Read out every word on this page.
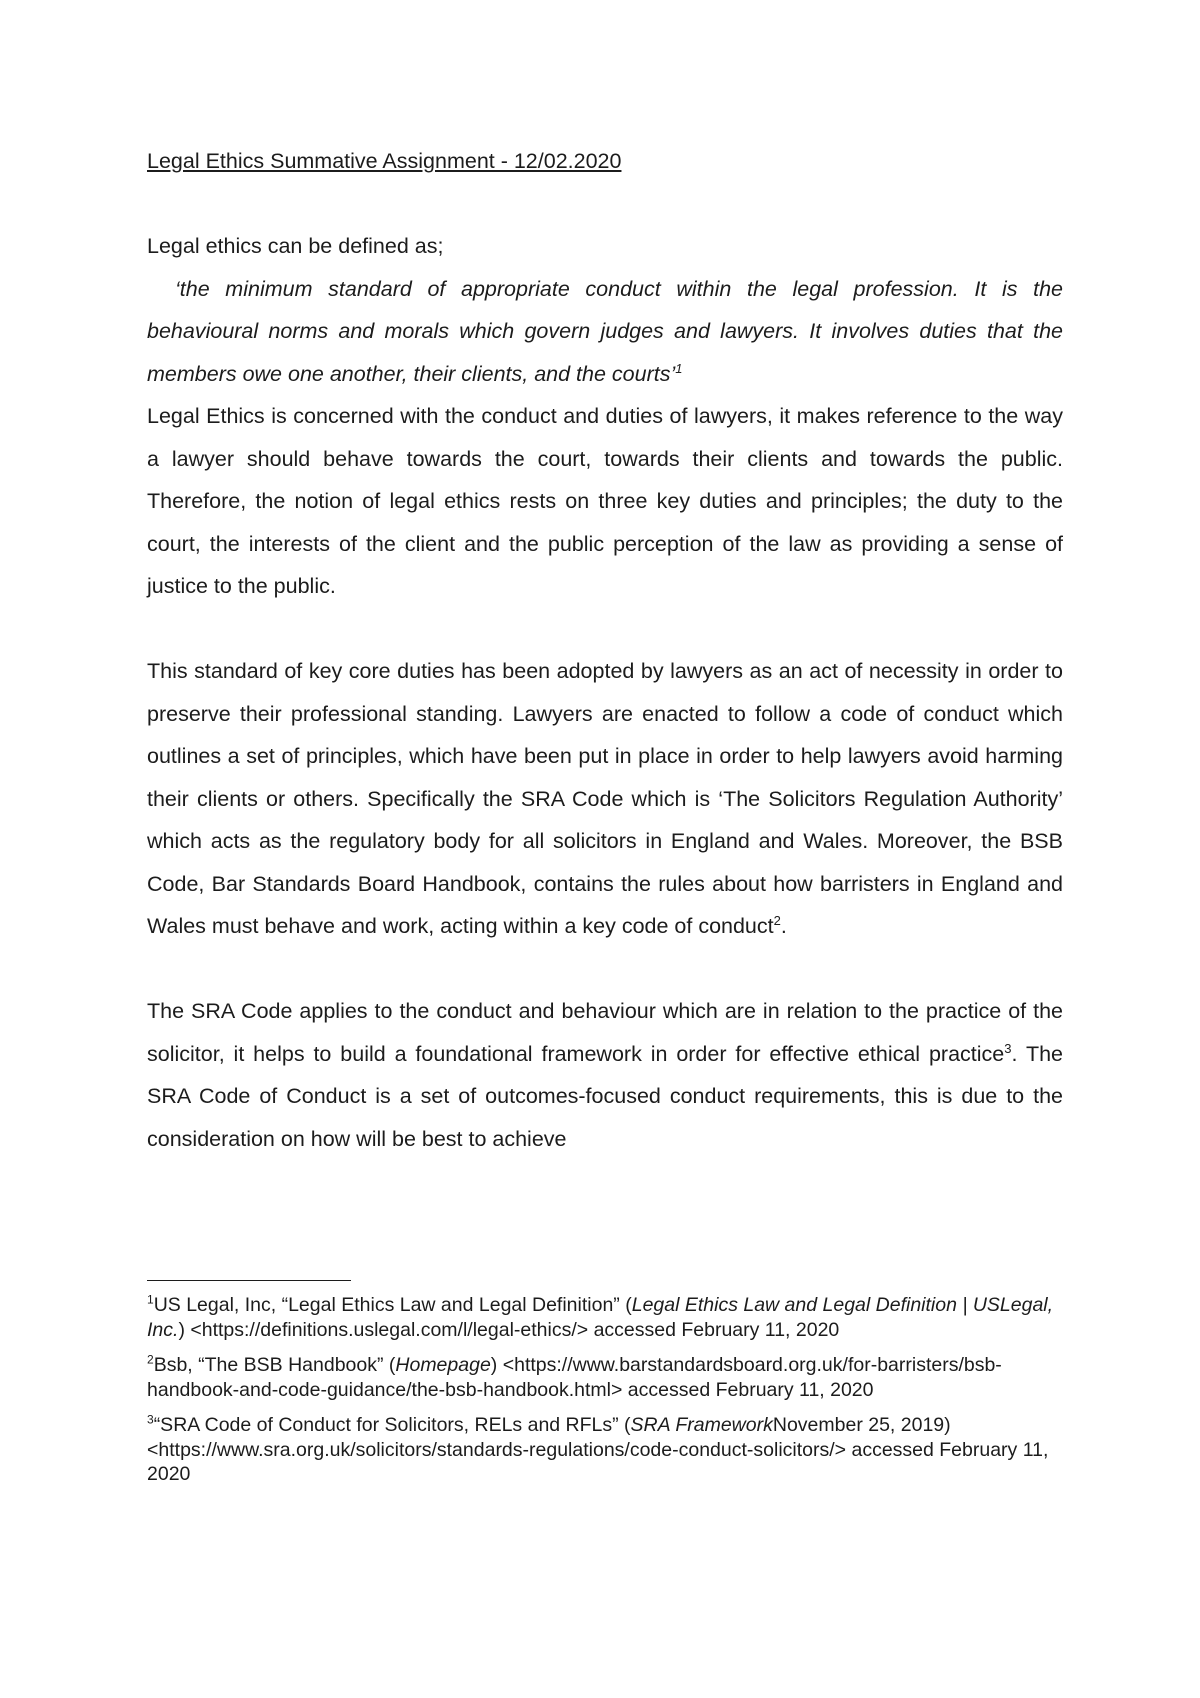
Legal Ethics Summative Assignment - 12/02.2020

Legal ethics can be defined as;

‘the minimum standard of appropriate conduct within the legal profession. It is the behavioural norms and morals which govern judges and lawyers. It involves duties that the members owe one another, their clients, and the courts’$^1$

Legal Ethics is concerned with the conduct and duties of lawyers, it makes reference to the way a lawyer should behave towards the court, towards their clients and towards the public. Therefore, the notion of legal ethics rests on three key duties and principles; the duty to the court, the interests of the client and the public perception of the law as providing a sense of justice to the public.

This standard of key core duties has been adopted by lawyers as an act of necessity in order to preserve their professional standing. Lawyers are enacted to follow a code of conduct which outlines a set of principles, which have been put in place in order to help lawyers avoid harming their clients or others. Specifically the SRA Code which is ‘The Solicitors Regulation Authority’ which acts as the regulatory body for all solicitors in England and Wales. Moreover, the BSB Code, Bar Standards Board Handbook, contains the rules about how barristers in England and Wales must behave and work, acting within a key code of conduct$^2$.

The SRA Code applies to the conduct and behaviour which are in relation to the practice of the solicitor, it helps to build a foundational framework in order for effective ethical practice$^3$. The SRA Code of Conduct is a set of outcomes-focused conduct requirements, this is due to the consideration on how will be best to achieve

$^1$US Legal, Inc, “Legal Ethics Law and Legal Definition” (Legal Ethics Law and Legal Definition | USLegal, Inc.) <https://definitions.uslegal.com/l/legal-ethics/> accessed February 11, 2020

$^2$Bsb, “The BSB Handbook” (Homepage) <https://www.barstandardsboard.org.uk/for-barristers/bsb-handbook-and-code-guidance/the-bsb-handbook.html> accessed February 11, 2020

$^3$“SRA Code of Conduct for Solicitors, RELs and RFLs” (SRA FrameworkNovember 25, 2019) <https://www.sra.org.uk/solicitors/standards-regulations/code-conduct-solicitors/> accessed February 11, 2020
